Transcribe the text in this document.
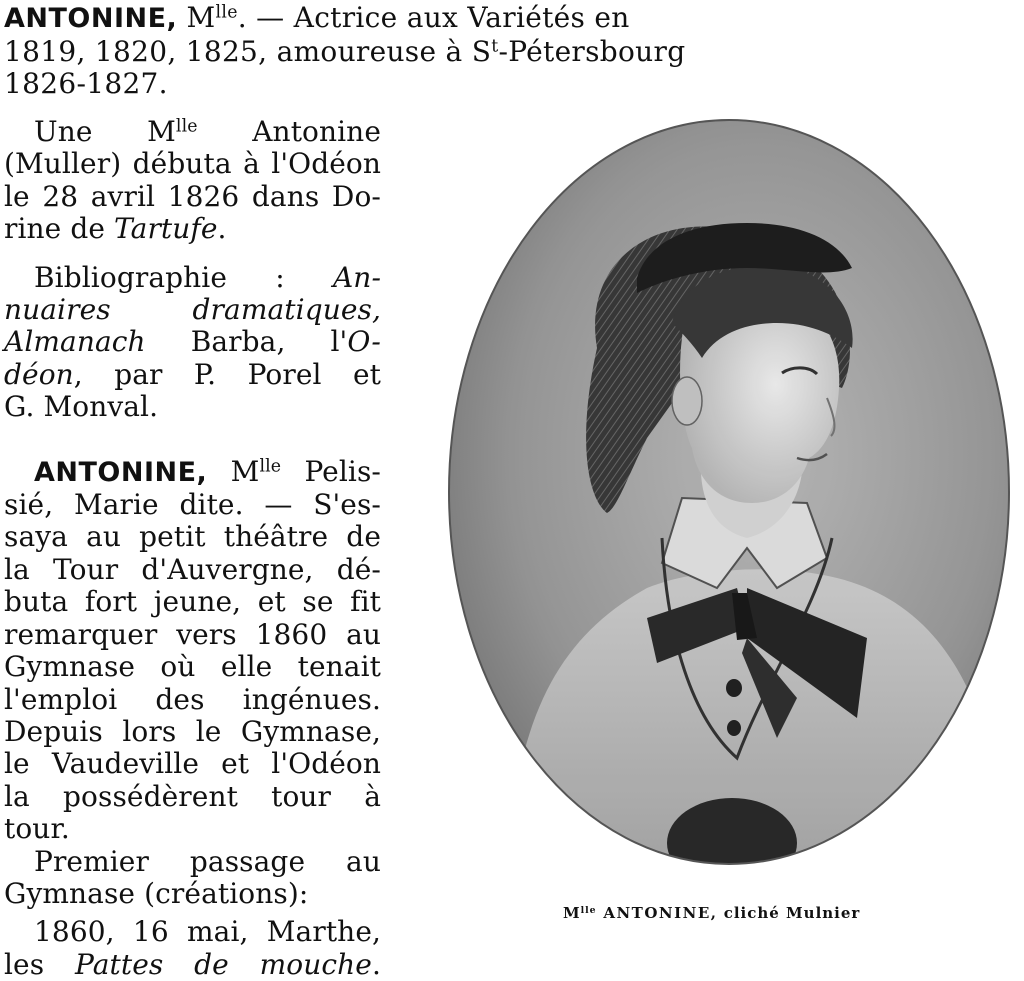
ANTONINE, $M^{lle}$. — Actrice aux Variétés en
1819, 1820, 1825, amoureuse à $S^t$-Pétersbourg
1826-1827.
Une $M^{lle}$ Antonine
(Muller) débuta à l'Odéon
le 28 avril 1826 dans Do-
rine de Tartufe.
Bibliographie : An-
nuaires dramatiques,
Almanach Barba, l'O-
déon, par P. Porel et
G. Monval.
ANTONINE, $M^{lle}$ Pelis-
sié, Marie dite. — S'es-
saya au petit théâtre de
la Tour d'Auvergne, dé-
buta fort jeune, et se fit
remarquer vers 1860 au
Gymnase où elle tenait
l'emploi des ingénues.
Depuis lors le Gymnase,
le Vaudeville et l'Odéon
la possédèrent tour à
tour.
Premier passage au
Gymnase (créations):
1860, 16 mai, Marthe,
les Pattes de mouche.
$M^{lle}$ ANTONINE, cliché Mulnier
